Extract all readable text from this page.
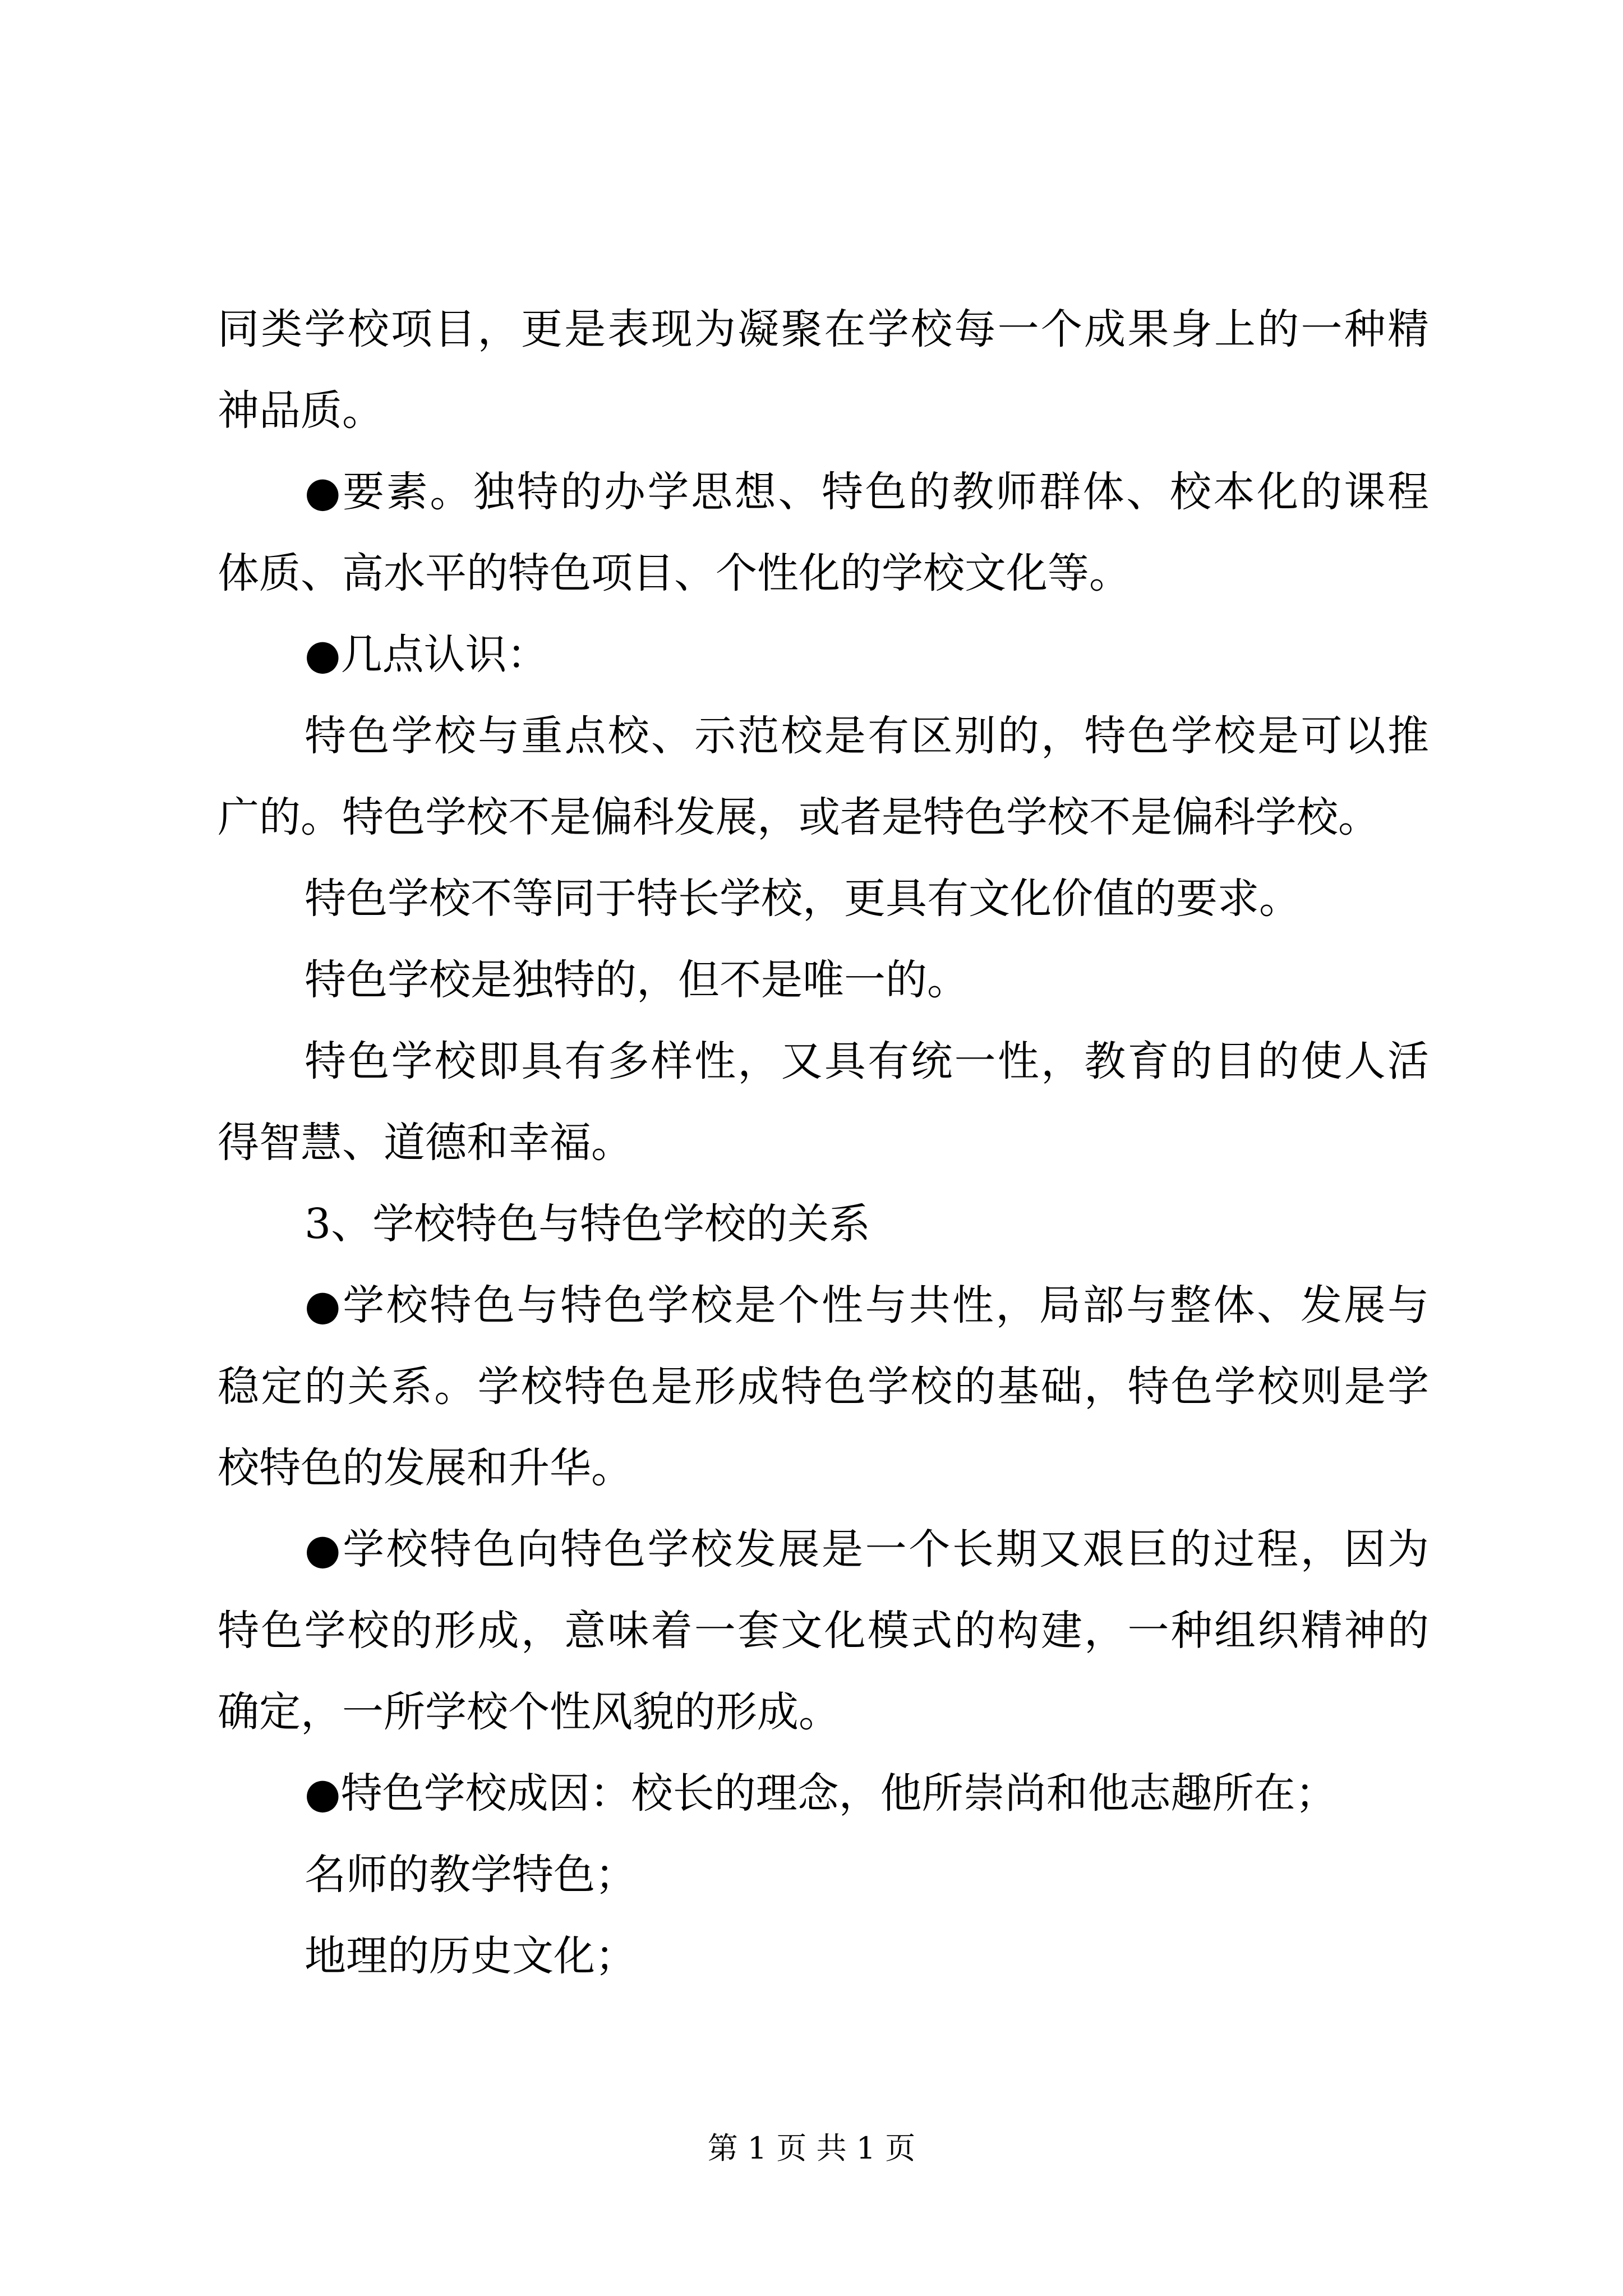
同类学校项目，更是表现为凝聚在学校每一个成果身上的一种精
神品质。
●要素。独特的办学思想、特色的教师群体、校本化的课程
体质、高水平的特色项目、个性化的学校文化等。
●几点认识：
特色学校与重点校、示范校是有区别的，特色学校是可以推
广的。特色学校不是偏科发展，或者是特色学校不是偏科学校。
特色学校不等同于特长学校，更具有文化价值的要求。
特色学校是独特的，但不是唯一的。
特色学校即具有多样性，又具有统一性，教育的目的使人活
得智慧、道德和幸福。
3、学校特色与特色学校的关系
●学校特色与特色学校是个性与共性，局部与整体、发展与
稳定的关系。学校特色是形成特色学校的基础，特色学校则是学
校特色的发展和升华。
●学校特色向特色学校发展是一个长期又艰巨的过程，因为
特色学校的形成，意味着一套文化模式的构建，一种组织精神的
确定，一所学校个性风貌的形成。
●特色学校成因：校长的理念，他所崇尚和他志趣所在；
名师的教学特色；
地理的历史文化；
第 1 页 共 1 页
